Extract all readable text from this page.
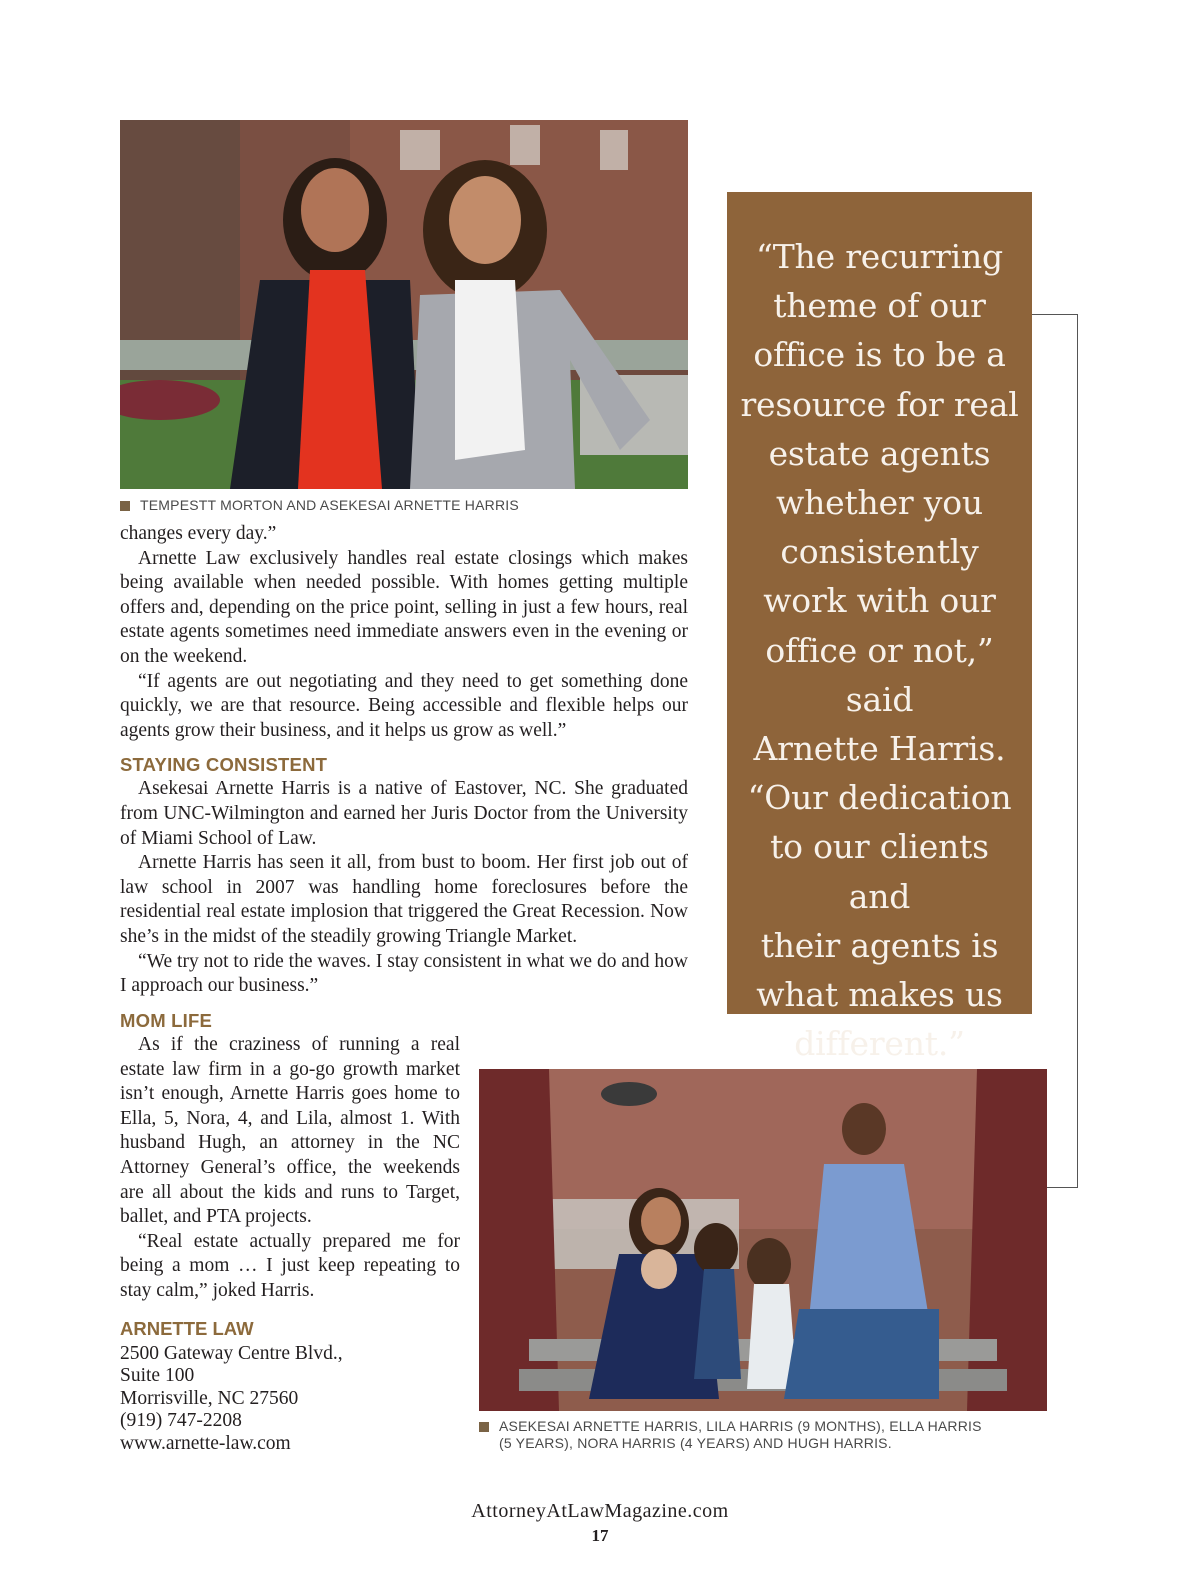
TEMPESTT MORTON AND ASEKESAI ARNETTE HARRIS

changes every day.”

Arnette Law exclusively handles real estate closings which makes being available when needed possible. With homes getting multiple offers and, depending on the price point, selling in just a few hours, real estate agents sometimes need immediate answers even in the evening or on the weekend.

“If agents are out negotiating and they need to get something done quickly, we are that resource. Being accessible and flexible helps our agents grow their business, and it helps us grow as well.”

STAYING CONSISTENT

Asekesai Arnette Harris is a native of Eastover, NC. She graduated from UNC-Wilmington and earned her Juris Doctor from the University of Miami School of Law.

Arnette Harris has seen it all, from bust to boom. Her first job out of law school in 2007 was handling home foreclosures before the residential real estate implosion that triggered the Great Recession. Now she’s in the midst of the steadily growing Triangle Market.

“We try not to ride the waves. I stay consistent in what we do and how I approach our business.”

MOM LIFE

As if the craziness of running a real estate law firm in a go-go growth market isn’t enough, Arnette Harris goes home to Ella, 5, Nora, 4, and Lila, almost 1. With husband Hugh, an attorney in the NC Attorney General’s office, the weekends are all about the kids and runs to Target, ballet, and PTA projects.

“Real estate actually prepared me for being a mom … I just keep repeating to stay calm,” joked Harris.

ARNETTE LAW
2500 Gateway Centre Blvd.,
Suite 100
Morrisville, NC 27560
(919) 747-2208
www.arnette-law.com

“The recurring

theme of our

office is to be a

resource for real

estate agents

whether you

consistently

work with our

office or not,” said

Arnette Harris.

“Our dedication

to our clients and

their agents is

what makes us

different.”

ASEKESAI ARNETTE HARRIS, LILA HARRIS (9 MONTHS), ELLA HARRIS
(5 YEARS), NORA HARRIS (4 YEARS) AND HUGH HARRIS.
AttorneyAtLawMagazine.com
17
